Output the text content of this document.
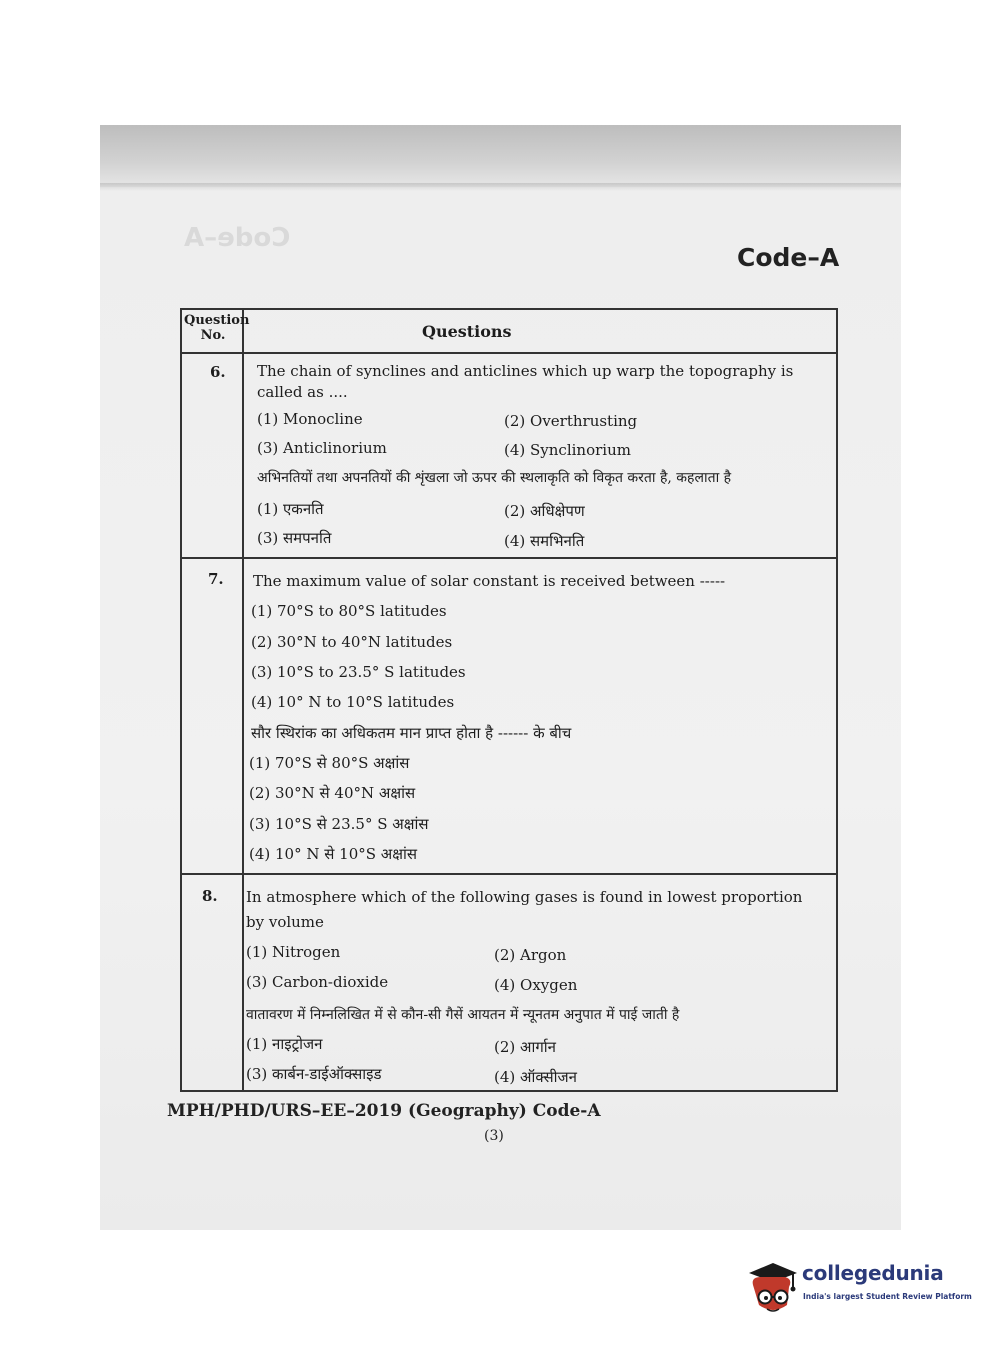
Code–A
Code–A
Question No.	Questions
6. The chain of synclines and anticlines which up warp the topography is
called as ....
(1) Monocline	(2) Overthrusting
(3) Anticlinorium	(4) Synclinorium
अभिनतियों तथा अपनतियों की शृंखला जो ऊपर की स्थलाकृति को विकृत करता है, कहलाता है
(1) एकनति	(2) अधिक्षेपण
(3) समपनति	(4) समभिनति
7. The maximum value of solar constant is received between -----
(1) 70°S to 80°S latitudes
(2) 30°N to 40°N latitudes
(3) 10°S to 23.5° S latitudes
(4) 10° N to 10°S latitudes
सौर स्थिरांक का अधिकतम मान प्राप्त होता है ------ के बीच
(1) 70°S से 80°S अक्षांस
(2) 30°N से 40°N अक्षांस
(3) 10°S से 23.5° S अक्षांस
(4) 10° N से 10°S अक्षांस
8. In atmosphere which of the following gases is found in lowest proportion
by volume
(1) Nitrogen	(2) Argon
(3) Carbon-dioxide	(4) Oxygen
वातावरण में निम्नलिखित में से कौन-सी गैसें आयतन में न्यूनतम अनुपात में पाई जाती है
(1) नाइट्रोजन	(2) आर्गान
(3) कार्बन-डाईऑक्साइड	(4) ऑक्सीजन
MPH/PHD/URS–EE–2019 (Geography) Code-A
(3)
collegedunia
India's largest Student Review Platform
